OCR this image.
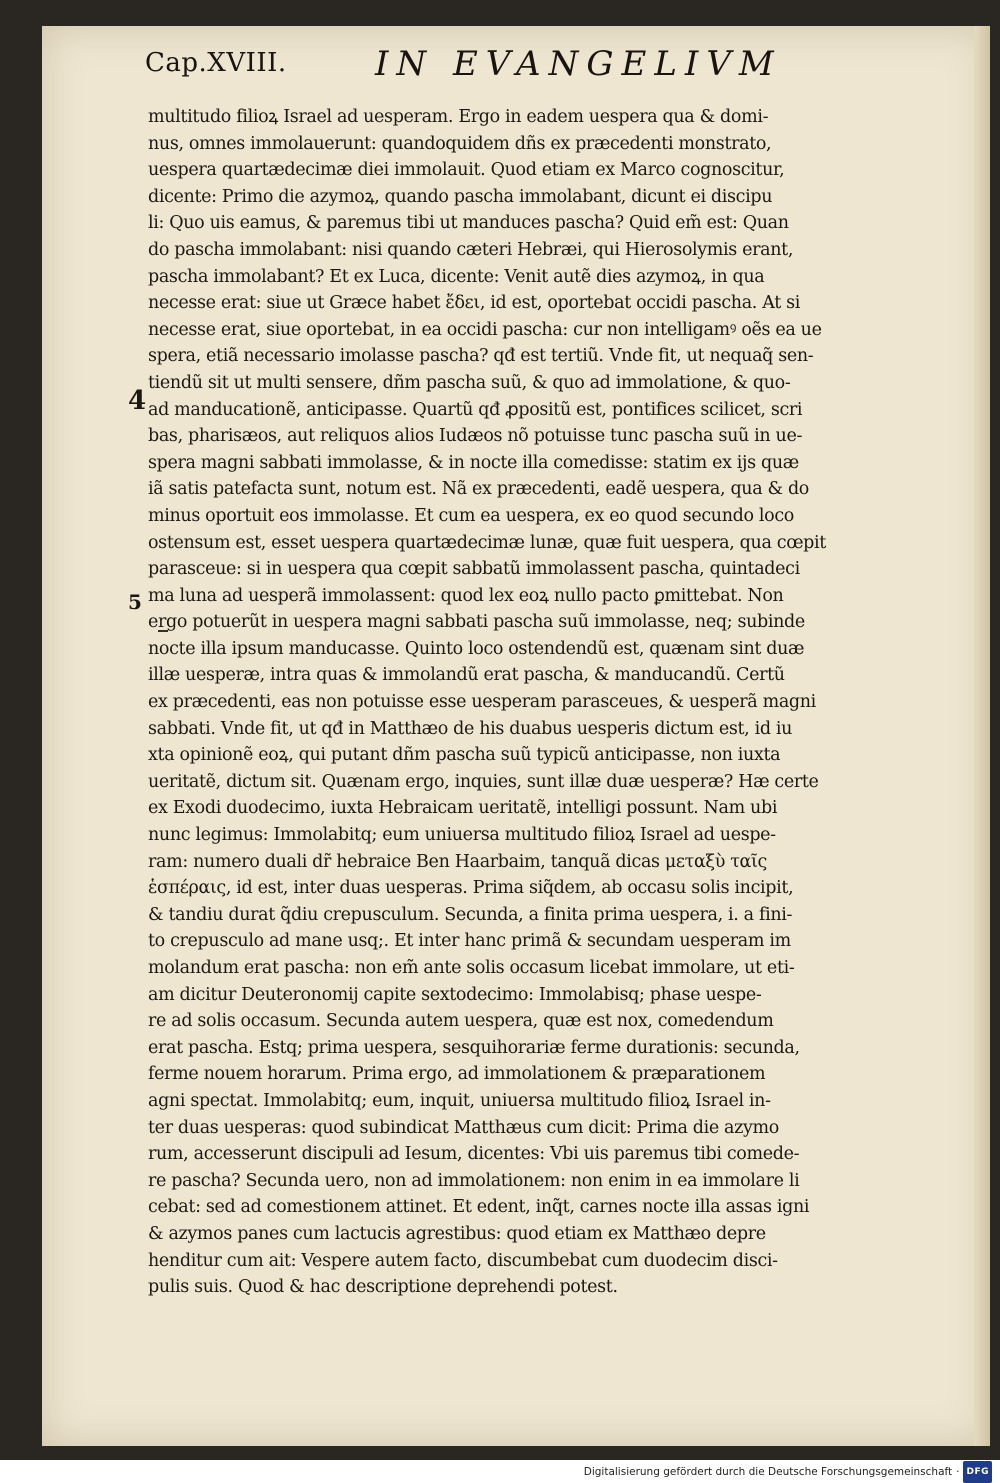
Cap.XVIII.	IN EVANGELIVM
4
5
multitudo filioꝝ Israel ad uesperam. Ergo in eadem uespera qua & domi-
nus, omnes immolauerunt: quandoquidem dñs ex præcedenti monstrato,
uespera quartædecimæ diei immolauit. Quod etiam ex Marco cognoscitur,
dicente: Primo die azymoꝝ, quando pascha immolabant, dicunt ei discipu
li: Quo uis eamus, & paremus tibi ut manduces pascha? Quid em̃ est: Quan
do pascha immolabant: nisi quando cæteri Hebræi, qui Hierosolymis erant,
pascha immolabant? Et ex Luca, dicente: Venit autẽ dies azymoꝝ, in qua
necesse erat: siue ut Græce habet ἔδει, id est, oportebat occidi pascha. At si
necesse erat, siue oportebat, in ea occidi pascha: cur non intelligamꝰ oẽs ea ue
spera, etiã necessario imolasse pascha? qđ est tertiũ. Vnde fit, ut nequaq̃ sen-
tiendũ sit ut multi sensere, dñm pascha suũ, & quo ad immolatione, & quo-
ad manducationẽ, anticipasse. Quartũ qđ ꝓpositũ est, pontifices scilicet, scri
bas, pharisæos, aut reliquos alios Iudæos nõ potuisse tunc pascha suũ in ue-
spera magni sabbati immolasse, & in nocte illa comedisse: statim ex ijs quæ
iã satis patefacta sunt, notum est. Nã ex præcedenti, eadẽ uespera, qua & do
minus oportuit eos immolasse. Et cum ea uespera, ex eo quod secundo loco
ostensum est, esset uespera quartædecimæ lunæ, quæ fuit uespera, qua cœpit
parasceue: si in uespera qua cœpit sabbatũ immolassent pascha, quintadeci
ma luna ad uesperã immolassent: quod lex eoꝝ nullo pacto ꝑmittebat. Non
ergo potuerũt in uespera magni sabbati pascha suũ immolasse, neq; subinde
nocte illa ipsum manducasse. Quinto loco ostendendũ est, quænam sint duæ
illæ uesperæ, intra quas & immolandũ erat pascha, & manducandũ. Certũ
ex præcedenti, eas non potuisse esse uesperam parasceues, & uesperã magni
sabbati. Vnde fit, ut qđ in Matthæo de his duabus uesperis dictum est, id iu
xta opinionẽ eoꝝ, qui putant dñm pascha suũ typicũ anticipasse, non iuxta
ueritatẽ, dictum sit. Quænam ergo, inquies, sunt illæ duæ uesperæ? Hæ certe
ex Exodi duodecimo, iuxta Hebraicam ueritatẽ, intelligi possunt. Nam ubi
nunc legimus: Immolabitq; eum uniuersa multitudo filioꝝ Israel ad uespe-
ram: numero duali dr̃ hebraice Ben Haarbaim, tanquã dicas μεταξὺ ταῖς
ἑσπέραις, id est, inter duas uesperas. Prima siq̃dem, ab occasu solis incipit,
& tandiu durat q̃diu crepusculum. Secunda, a finita prima uespera, i. a fini-
to crepusculo ad mane usq;. Et inter hanc primã & secundam uesperam im
molandum erat pascha: non em̃ ante solis occasum licebat immolare, ut eti-
am dicitur Deuteronomij capite sextodecimo: Immolabisq; phase uespe-
re ad solis occasum. Secunda autem uespera, quæ est nox, comedendum
erat pascha. Estq; prima uespera, sesquihorariæ ferme durationis: secunda,
ferme nouem horarum. Prima ergo, ad immolationem & præparationem
agni spectat. Immolabitq; eum, inquit, uniuersa multitudo filioꝝ Israel in-
ter duas uesperas: quod subindicat Matthæus cum dicit: Prima die azymo
rum, accesserunt discipuli ad Iesum, dicentes: Vbi uis paremus tibi comede-
re pascha? Secunda uero, non ad immolationem: non enim in ea immolare li
cebat: sed ad comestionem attinet. Et edent, inq̃t, carnes nocte illa assas igni
& azymos panes cum lactucis agrestibus: quod etiam ex Matthæo depre
henditur cum ait: Vespere autem facto, discumbebat cum duodecim disci-
pulis suis. Quod & hac descriptione deprehendi potest.
Digitalisierung gefördert durch die Deutsche Forschungsgemeinschaft · DFG
